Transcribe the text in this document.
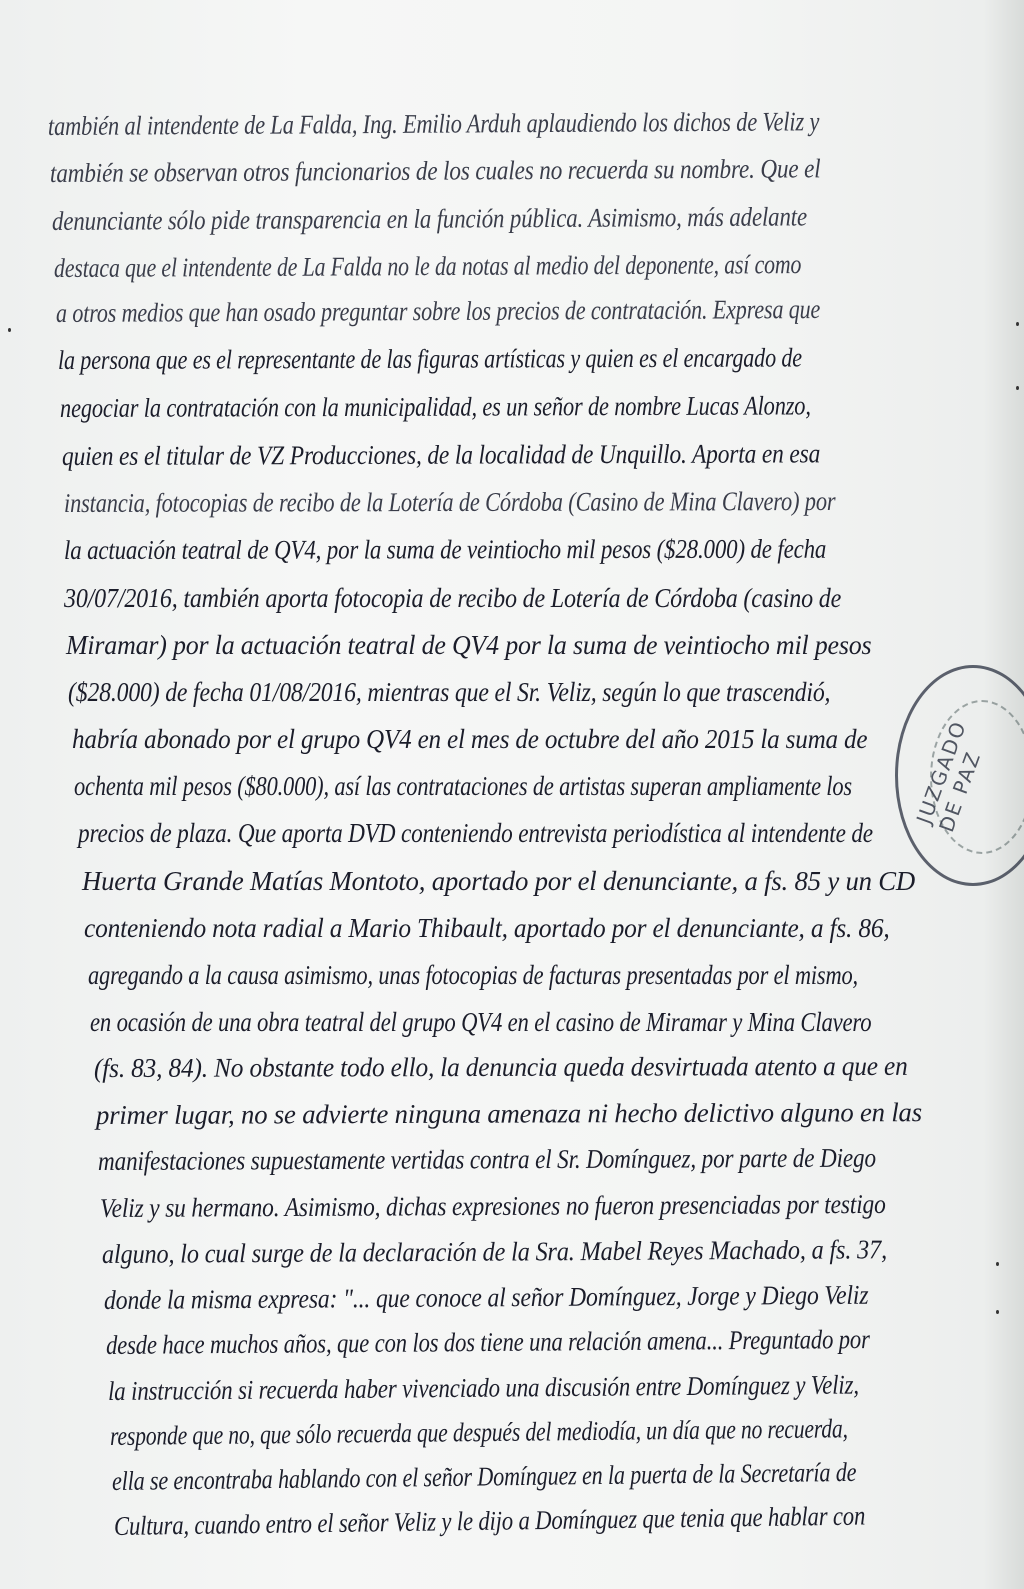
también al intendente de La Falda, Ing. Emilio Arduh aplaudiendo los dichos de Veliz y
también se observan otros funcionarios de los cuales no recuerda su nombre. Que el
denunciante sólo pide transparencia en la función pública. Asimismo, más adelante
destaca que el intendente de La Falda no le da notas al medio del deponente, así como
a otros medios que han osado preguntar sobre los precios de contratación. Expresa que
la persona que es el representante de las figuras artísticas y quien es el encargado de
negociar la contratación con la municipalidad, es un señor de nombre Lucas Alonzo,
quien es el titular de VZ Producciones, de la localidad de Unquillo. Aporta en esa
instancia, fotocopias de recibo de la Lotería de Córdoba (Casino de Mina Clavero) por
la actuación teatral de QV4, por la suma de veintiocho mil pesos ($28.000) de fecha
30/07/2016, también aporta fotocopia de recibo de Lotería de Córdoba (casino de
Miramar) por la actuación teatral de QV4 por la suma de veintiocho mil pesos
($28.000) de fecha 01/08/2016, mientras que el Sr. Veliz, según lo que trascendió,
habría abonado por el grupo QV4 en el mes de octubre del año 2015 la suma de
ochenta mil pesos ($80.000), así las contrataciones de artistas superan ampliamente los
precios de plaza. Que aporta DVD conteniendo entrevista periodística al intendente de
Huerta Grande Matías Montoto, aportado por el denunciante, a fs. 85 y un CD
conteniendo nota radial a Mario Thibault, aportado por el denunciante, a fs. 86,
agregando a la causa asimismo, unas fotocopias de facturas presentadas por el mismo,
en ocasión de una obra teatral del grupo QV4 en el casino de Miramar y Mina Clavero
(fs. 83, 84). No obstante todo ello, la denuncia queda desvirtuada atento a que en
primer lugar, no se advierte ninguna amenaza ni hecho delictivo alguno en las
manifestaciones supuestamente vertidas contra el Sr. Domínguez, por parte de Diego
Veliz y su hermano. Asimismo, dichas expresiones no fueron presenciadas por testigo
alguno, lo cual surge de la declaración de la Sra. Mabel Reyes Machado, a fs. 37,
donde la misma expresa: "... que conoce al señor Domínguez, Jorge y Diego Veliz
desde hace muchos años, que con los dos tiene una relación amena... Preguntado por
la instrucción si recuerda haber vivenciado una discusión entre Domínguez y Veliz,
responde que no, que sólo recuerda que después del mediodía, un día que no recuerda,
ella se encontraba hablando con el señor Domínguez en la puerta de la Secretaría de
Cultura, cuando entro el señor Veliz y le dijo a Domínguez que tenia que hablar con
JUZGADO DE PAZ
